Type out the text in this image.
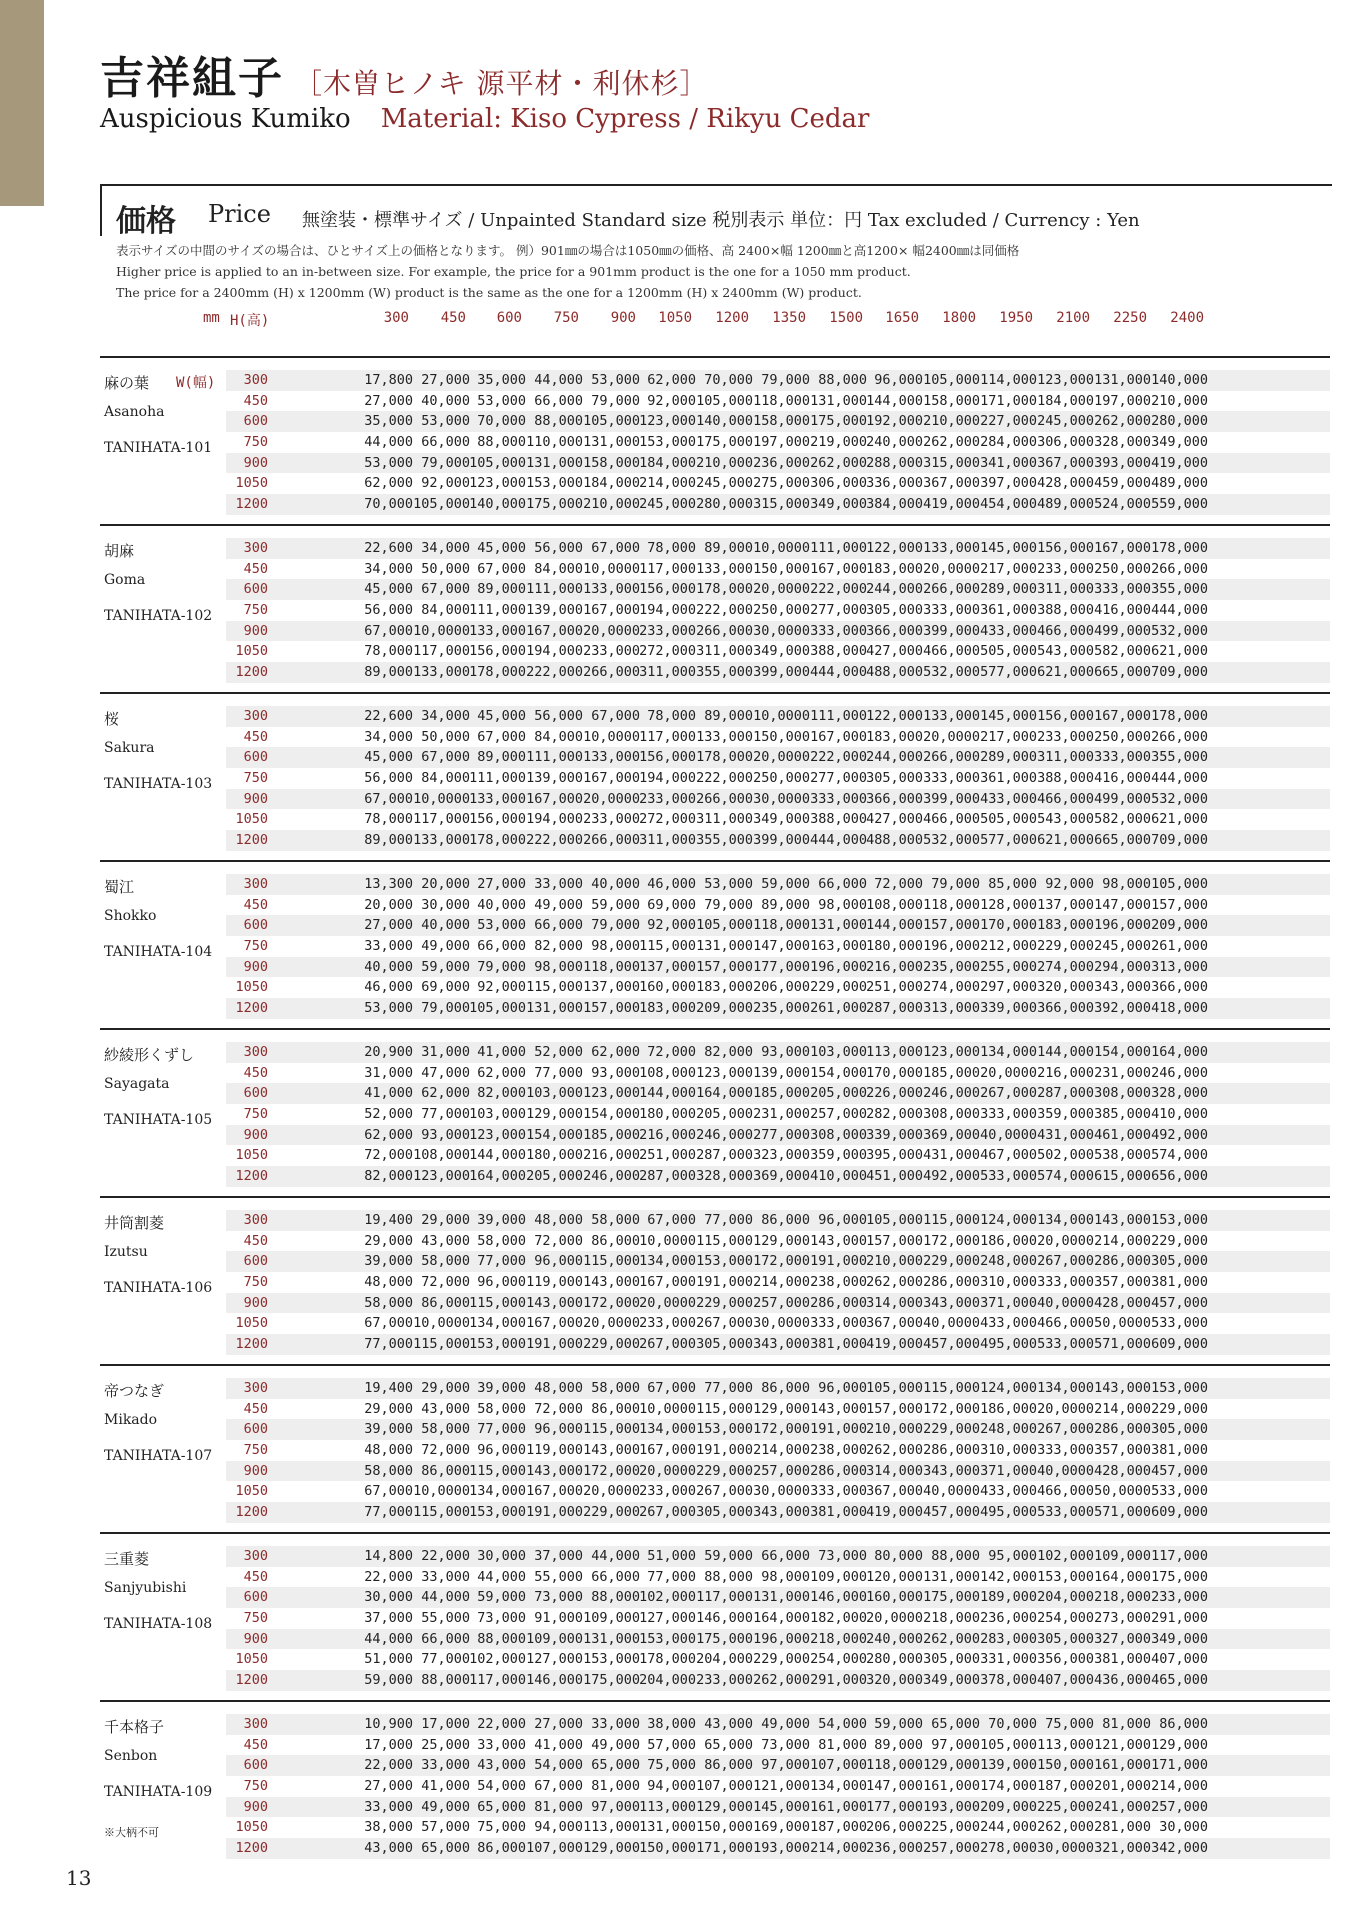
吉祥組子 ［木曽ヒノキ 源平材・利休杉］
Auspicious Kumiko Material: Kiso Cypress / Rikyu Cedar
価格 Price 無塗装・標準サイズ / Unpainted Standard size 税別表示 単位：円 Tax excluded / Currency : Yen
表示サイズの中間のサイズの場合は、ひとサイズ上の価格となります。 例）901㎜の場合は1050㎜の価格、高 2400×幅 1200㎜と高1200× 幅2400㎜は同価格
Higher price is applied to an in-between size. For example, the price for a 901mm product is the one for a 1050 mm product.
The price for a 2400mm (H) x 1200mm (W) product is the same as the one for a 1200mm (H) x 2400mm (W) product.
mm H(高)	300 450 600 750 900 1050 1200 1350 1500 1650 1800 1950 2100 2250 2400
麻の葉 W(幅)
Asanoha
TANIHATA-101
300	17,800 27,000 35,000 44,000 53,000 62,000 70,000 79,000 88,000 96,000 105,000 114,000 123,000 131,000 140,000
450	27,000 40,000 53,000 66,000 79,000 92,000 105,000 118,000 131,000 144,000 158,000 171,000 184,000 197,000 210,000
600	35,000 53,000 70,000 88,000 105,000 123,000 140,000 158,000 175,000 192,000 210,000 227,000 245,000 262,000 280,000
750	44,000 66,000 88,000 110,000 131,000 153,000 175,000 197,000 219,000 240,000 262,000 284,000 306,000 328,000 349,000
900	53,000 79,000 105,000 131,000 158,000 184,000 210,000 236,000 262,000 288,000 315,000 341,000 367,000 393,000 419,000
1050	62,000 92,000 123,000 153,000 184,000 214,000 245,000 275,000 306,000 336,000 367,000 397,000 428,000 459,000 489,000
1200	70,000 105,000 140,000 175,000 210,000 245,000 280,000 315,000 349,000 384,000 419,000 454,000 489,000 524,000 559,000
胡麻
Goma
TANIHATA-102
300	22,600 34,000 45,000 56,000 67,000 78,000 89,000 10,0000 111,000 122,000 133,000 145,000 156,000 167,000 178,000
450	34,000 50,000 67,000 84,000 10,0000 117,000 133,000 150,000 167,000 183,000 20,0000 217,000 233,000 250,000 266,000
600	45,000 67,000 89,000 111,000 133,000 156,000 178,000 20,0000 222,000 244,000 266,000 289,000 311,000 333,000 355,000
750	56,000 84,000 111,000 139,000 167,000 194,000 222,000 250,000 277,000 305,000 333,000 361,000 388,000 416,000 444,000
900	67,000 10,0000 133,000 167,000 20,0000 233,000 266,000 30,0000 333,000 366,000 399,000 433,000 466,000 499,000 532,000
1050	78,000 117,000 156,000 194,000 233,000 272,000 311,000 349,000 388,000 427,000 466,000 505,000 543,000 582,000 621,000
1200	89,000 133,000 178,000 222,000 266,000 311,000 355,000 399,000 444,000 488,000 532,000 577,000 621,000 665,000 709,000
桜
Sakura
TANIHATA-103
300	22,600 34,000 45,000 56,000 67,000 78,000 89,000 10,0000 111,000 122,000 133,000 145,000 156,000 167,000 178,000
450	34,000 50,000 67,000 84,000 10,0000 117,000 133,000 150,000 167,000 183,000 20,0000 217,000 233,000 250,000 266,000
600	45,000 67,000 89,000 111,000 133,000 156,000 178,000 20,0000 222,000 244,000 266,000 289,000 311,000 333,000 355,000
750	56,000 84,000 111,000 139,000 167,000 194,000 222,000 250,000 277,000 305,000 333,000 361,000 388,000 416,000 444,000
900	67,000 10,0000 133,000 167,000 20,0000 233,000 266,000 30,0000 333,000 366,000 399,000 433,000 466,000 499,000 532,000
1050	78,000 117,000 156,000 194,000 233,000 272,000 311,000 349,000 388,000 427,000 466,000 505,000 543,000 582,000 621,000
1200	89,000 133,000 178,000 222,000 266,000 311,000 355,000 399,000 444,000 488,000 532,000 577,000 621,000 665,000 709,000
蜀江
Shokko
TANIHATA-104
300	13,300 20,000 27,000 33,000 40,000 46,000 53,000 59,000 66,000 72,000 79,000 85,000 92,000 98,000 105,000
450	20,000 30,000 40,000 49,000 59,000 69,000 79,000 89,000 98,000 108,000 118,000 128,000 137,000 147,000 157,000
600	27,000 40,000 53,000 66,000 79,000 92,000 105,000 118,000 131,000 144,000 157,000 170,000 183,000 196,000 209,000
750	33,000 49,000 66,000 82,000 98,000 115,000 131,000 147,000 163,000 180,000 196,000 212,000 229,000 245,000 261,000
900	40,000 59,000 79,000 98,000 118,000 137,000 157,000 177,000 196,000 216,000 235,000 255,000 274,000 294,000 313,000
1050	46,000 69,000 92,000 115,000 137,000 160,000 183,000 206,000 229,000 251,000 274,000 297,000 320,000 343,000 366,000
1200	53,000 79,000 105,000 131,000 157,000 183,000 209,000 235,000 261,000 287,000 313,000 339,000 366,000 392,000 418,000
紗綾形くずし
Sayagata
TANIHATA-105
300	20,900 31,000 41,000 52,000 62,000 72,000 82,000 93,000 103,000 113,000 123,000 134,000 144,000 154,000 164,000
450	31,000 47,000 62,000 77,000 93,000 108,000 123,000 139,000 154,000 170,000 185,000 20,0000 216,000 231,000 246,000
600	41,000 62,000 82,000 103,000 123,000 144,000 164,000 185,000 205,000 226,000 246,000 267,000 287,000 308,000 328,000
750	52,000 77,000 103,000 129,000 154,000 180,000 205,000 231,000 257,000 282,000 308,000 333,000 359,000 385,000 410,000
900	62,000 93,000 123,000 154,000 185,000 216,000 246,000 277,000 308,000 339,000 369,000 40,0000 431,000 461,000 492,000
1050	72,000 108,000 144,000 180,000 216,000 251,000 287,000 323,000 359,000 395,000 431,000 467,000 502,000 538,000 574,000
1200	82,000 123,000 164,000 205,000 246,000 287,000 328,000 369,000 410,000 451,000 492,000 533,000 574,000 615,000 656,000
井筒割菱
Izutsu
TANIHATA-106
300	19,400 29,000 39,000 48,000 58,000 67,000 77,000 86,000 96,000 105,000 115,000 124,000 134,000 143,000 153,000
450	29,000 43,000 58,000 72,000 86,000 10,0000 115,000 129,000 143,000 157,000 172,000 186,000 20,0000 214,000 229,000
600	39,000 58,000 77,000 96,000 115,000 134,000 153,000 172,000 191,000 210,000 229,000 248,000 267,000 286,000 305,000
750	48,000 72,000 96,000 119,000 143,000 167,000 191,000 214,000 238,000 262,000 286,000 310,000 333,000 357,000 381,000
900	58,000 86,000 115,000 143,000 172,000 20,0000 229,000 257,000 286,000 314,000 343,000 371,000 40,0000 428,000 457,000
1050	67,000 10,0000 134,000 167,000 20,0000 233,000 267,000 30,0000 333,000 367,000 40,0000 433,000 466,000 50,0000 533,000
1200	77,000 115,000 153,000 191,000 229,000 267,000 305,000 343,000 381,000 419,000 457,000 495,000 533,000 571,000 609,000
帝つなぎ
Mikado
TANIHATA-107
300	19,400 29,000 39,000 48,000 58,000 67,000 77,000 86,000 96,000 105,000 115,000 124,000 134,000 143,000 153,000
450	29,000 43,000 58,000 72,000 86,000 10,0000 115,000 129,000 143,000 157,000 172,000 186,000 20,0000 214,000 229,000
600	39,000 58,000 77,000 96,000 115,000 134,000 153,000 172,000 191,000 210,000 229,000 248,000 267,000 286,000 305,000
750	48,000 72,000 96,000 119,000 143,000 167,000 191,000 214,000 238,000 262,000 286,000 310,000 333,000 357,000 381,000
900	58,000 86,000 115,000 143,000 172,000 20,0000 229,000 257,000 286,000 314,000 343,000 371,000 40,0000 428,000 457,000
1050	67,000 10,0000 134,000 167,000 20,0000 233,000 267,000 30,0000 333,000 367,000 40,0000 433,000 466,000 50,0000 533,000
1200	77,000 115,000 153,000 191,000 229,000 267,000 305,000 343,000 381,000 419,000 457,000 495,000 533,000 571,000 609,000
三重菱
Sanjyubishi
TANIHATA-108
300	14,800 22,000 30,000 37,000 44,000 51,000 59,000 66,000 73,000 80,000 88,000 95,000 102,000 109,000 117,000
450	22,000 33,000 44,000 55,000 66,000 77,000 88,000 98,000 109,000 120,000 131,000 142,000 153,000 164,000 175,000
600	30,000 44,000 59,000 73,000 88,000 102,000 117,000 131,000 146,000 160,000 175,000 189,000 204,000 218,000 233,000
750	37,000 55,000 73,000 91,000 109,000 127,000 146,000 164,000 182,000 20,0000 218,000 236,000 254,000 273,000 291,000
900	44,000 66,000 88,000 109,000 131,000 153,000 175,000 196,000 218,000 240,000 262,000 283,000 305,000 327,000 349,000
1050	51,000 77,000 102,000 127,000 153,000 178,000 204,000 229,000 254,000 280,000 305,000 331,000 356,000 381,000 407,000
1200	59,000 88,000 117,000 146,000 175,000 204,000 233,000 262,000 291,000 320,000 349,000 378,000 407,000 436,000 465,000
千本格子
Senbon
TANIHATA-109
※大柄不可
300	10,900 17,000 22,000 27,000 33,000 38,000 43,000 49,000 54,000 59,000 65,000 70,000 75,000 81,000 86,000
450	17,000 25,000 33,000 41,000 49,000 57,000 65,000 73,000 81,000 89,000 97,000 105,000 113,000 121,000 129,000
600	22,000 33,000 43,000 54,000 65,000 75,000 86,000 97,000 107,000 118,000 129,000 139,000 150,000 161,000 171,000
750	27,000 41,000 54,000 67,000 81,000 94,000 107,000 121,000 134,000 147,000 161,000 174,000 187,000 201,000 214,000
900	33,000 49,000 65,000 81,000 97,000 113,000 129,000 145,000 161,000 177,000 193,000 209,000 225,000 241,000 257,000
1050	38,000 57,000 75,000 94,000 113,000 131,000 150,000 169,000 187,000 206,000 225,000 244,000 262,000 281,000 30,000
1200	43,000 65,000 86,000 107,000 129,000 150,000 171,000 193,000 214,000 236,000 257,000 278,000 30,0000 321,000 342,000
13
